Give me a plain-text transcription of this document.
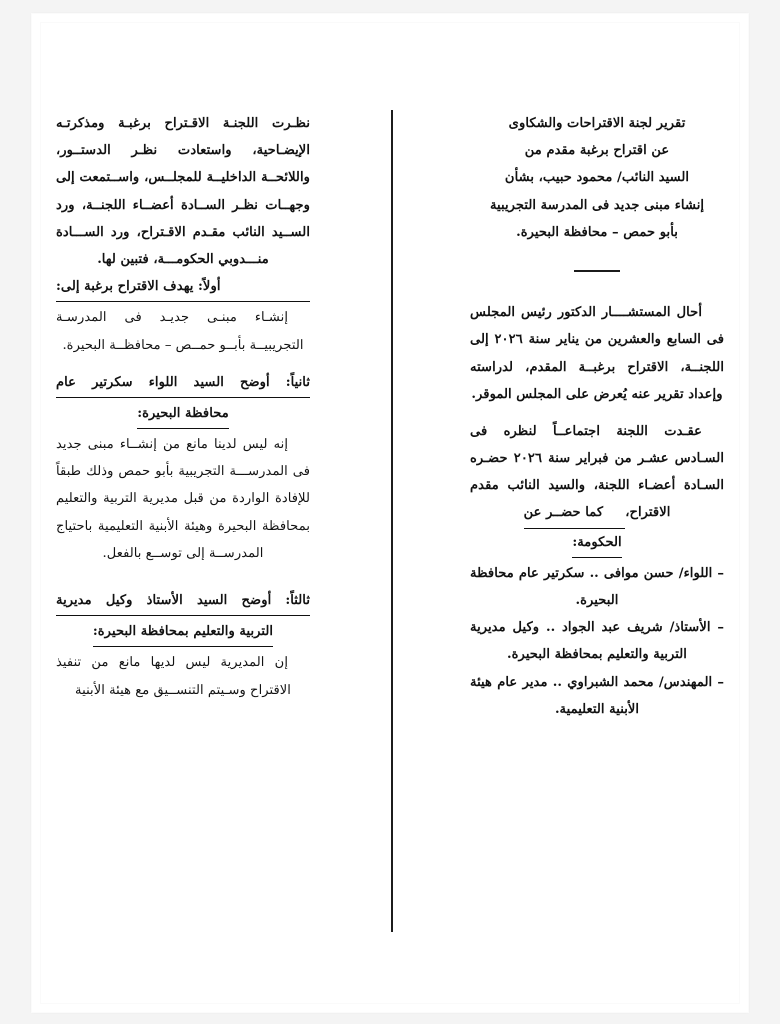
تقرير لجنة الاقتراحات والشكاوى

عن اقتراح برغبة مقدم من

السيد النائب/ محمود حبيب، بشأن

إنشاء مبنى جديد فى المدرسة التجريبية

بأبو حمص – محافظة البحيرة.

أحال المستشــــار الدكتور رئيس المجلس فى السابع والعشرين من يناير سنة ٢٠٢٦ إلى اللجنــة، الاقتراح برغبــة المقدم، لدراسته وإعداد تقرير عنه يُعرض على المجلس الموقر.

عقـدت اللجنة اجتماعــاً لنظره فى السـادس عشـر من فبراير سنة ٢٠٢٦ حضـره السـادة أعضـاء اللجنة، والسيد النائب مقدم الاقتراح،كما حضــر عن

الحكومة:

– اللواء/ حسن موافى .. سكرتير عام محافظة البحيرة.

– الأستاذ/ شريف عبد الجواد .. وكيل مديرية التربية والتعليم بمحافظة البحيرة.

– المهندس/ محمد الشبراوي .. مدير عام هيئة الأبنية التعليمية.

نظـرت اللجنـة الاقـتراح برغبـة ومذكرتـه الإيضـاحية، واستعادت نظـر الدستــور، واللائحــة الداخليــة للمجلــس، واســتمعت إلى وجهــات نظـر الســادة أعضــاء اللجنــة، ورد الســيد النائب مقـدم الاقـتراح، ورد الســـادة منـــدوبي الحكومـــة، فتبين لها.

أولاً: يهدف الاقتراح برغبة إلى:

إنشـاء مبنـى جديـد فى المدرسـة التجريبيــة بأبــو حمــص – محافظــة البحيرة.

ثانياً: أوضح السيد اللواء سكرتير عام

محافظة البحيرة:

إنه ليس لدينا مانع من إنشــاء مبنى جديد فى المدرســـة التجريبية بأبو حمص وذلك طبقاً للإفادة الواردة من قبل مديرية التربية والتعليم بمحافظة البحيرة وهيئة الأبنية التعليمية باحتياج المدرســة إلى توســع بالفعل.

ثالثاً: أوضح السيد الأستاذ وكيل مديرية

التربية والتعليم بمحافظة البحيرة:

إن المديرية ليس لديها مانع من تنفيذ الاقتراح وسـيتم التنســيق مع هيئة الأبنية
